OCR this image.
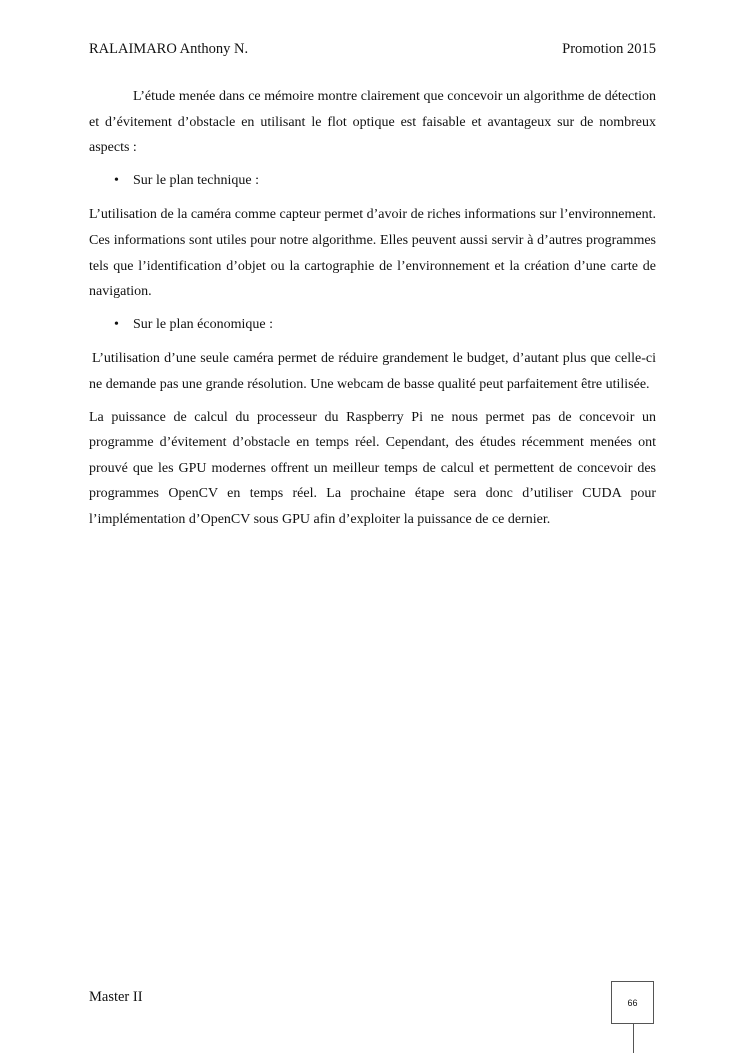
RALAIMARO Anthony N.	Promotion 2015

L’étude menée dans ce mémoire montre clairement que concevoir un algorithme de détection et d’évitement d’obstacle en utilisant le flot optique est faisable et avantageux sur de nombreux aspects :

• Sur le plan technique :

L’utilisation de la caméra comme capteur permet d’avoir de riches informations sur l’environnement. Ces informations sont utiles pour notre algorithme. Elles peuvent aussi servir à d’autres programmes tels que l’identification d’objet ou la cartographie de l’environnement et la création d’une carte de navigation.

• Sur le plan économique :

L’utilisation d’une seule caméra permet de réduire grandement le budget, d’autant plus que celle-ci ne demande pas une grande résolution. Une webcam de basse qualité peut parfaitement être utilisée.

La puissance de calcul du processeur du Raspberry Pi ne nous permet pas de concevoir un programme d’évitement d’obstacle en temps réel. Cependant, des études récemment menées ont prouvé que les GPU modernes offrent un meilleur temps de calcul et permettent de concevoir des programmes OpenCV en temps réel. La prochaine étape sera donc d’utiliser CUDA pour l’implémentation d’OpenCV sous GPU afin d’exploiter la puissance de ce dernier.

Master II	66
